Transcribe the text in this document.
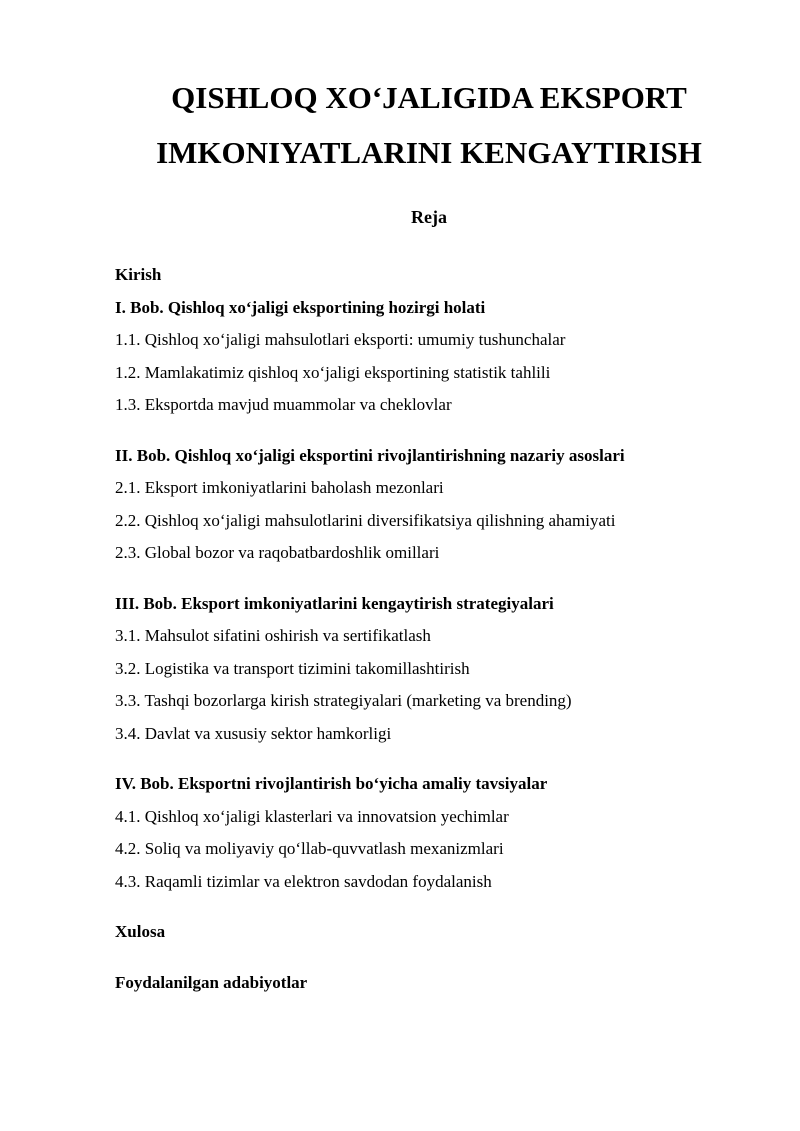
QISHLOQ XO‘JALIGIDA EKSPORT
IMKONIYATLARINI KENGAYTIRISH
Reja
Kirish
I. Bob. Qishloq xo‘jaligi eksportining hozirgi holati
1.1. Qishloq xo‘jaligi mahsulotlari eksporti: umumiy tushunchalar
1.2. Mamlakatimiz qishloq xo‘jaligi eksportining statistik tahlili
1.3. Eksportda mavjud muammolar va cheklovlar
II. Bob. Qishloq xo‘jaligi eksportini rivojlantirishning nazariy asoslari
2.1. Eksport imkoniyatlarini baholash mezonlari
2.2. Qishloq xo‘jaligi mahsulotlarini diversifikatsiya qilishning ahamiyati
2.3. Global bozor va raqobatbardoshlik omillari
III. Bob. Eksport imkoniyatlarini kengaytirish strategiyalari
3.1. Mahsulot sifatini oshirish va sertifikatlash
3.2. Logistika va transport tizimini takomillashtirish
3.3. Tashqi bozorlarga kirish strategiyalari (marketing va brending)
3.4. Davlat va xususiy sektor hamkorligi
IV. Bob. Eksportni rivojlantirish bo‘yicha amaliy tavsiyalar
4.1. Qishloq xo‘jaligi klasterlari va innovatsion yechimlar
4.2. Soliq va moliyaviy qo‘llab-quvvatlash mexanizmlari
4.3. Raqamli tizimlar va elektron savdodan foydalanish
Xulosa
Foydalanilgan adabiyotlar
